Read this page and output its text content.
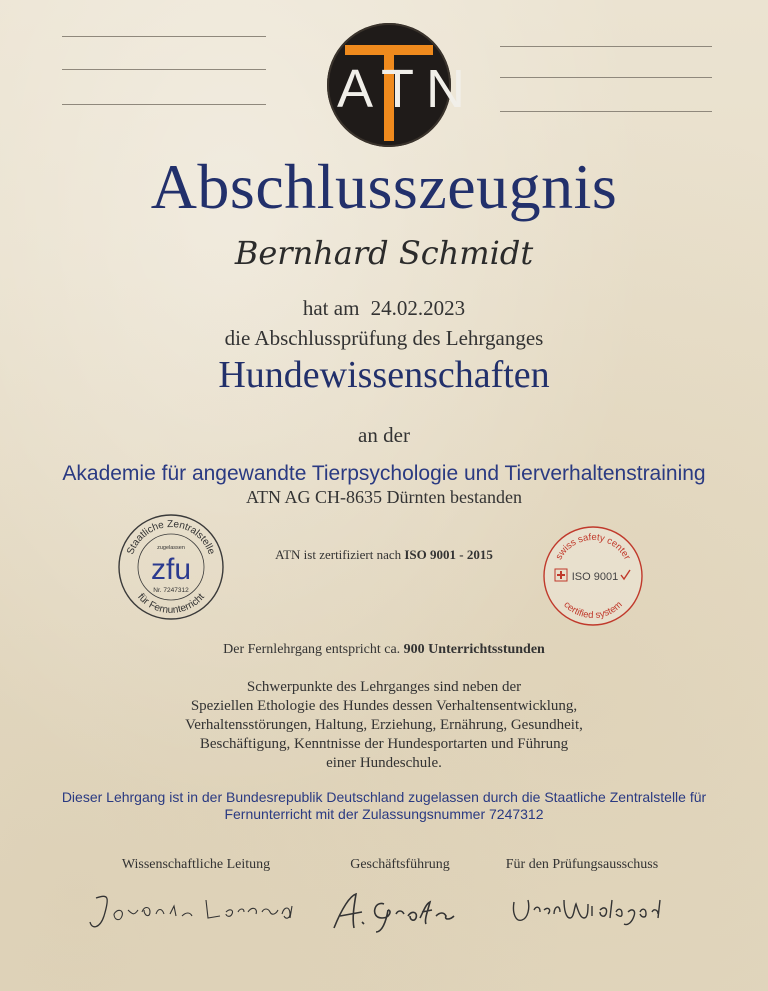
ATN
Abschlusszeugnis
Bernhard Schmidt
hat am 24.02.2023
die Abschlussprüfung des Lehrganges
Hundewissenschaften
an der
Akademie für angewandte Tierpsychologie und Tierverhaltenstraining
ATN AG CH-8635 Dürnten bestanden
Staatliche Zentralstelle
zugelassen
zfu
Nr. 7247312
für Fernunterricht
ATN ist zertifiziert nach ISO 9001 - 2015	swiss safety center
ISO 9001
certified system
Der Fernlehrgang entspricht ca. 900 Unterrichtsstunden
Schwerpunkte des Lehrganges sind neben der
Speziellen Ethologie des Hundes dessen Verhaltensentwicklung,
Verhaltensstörungen, Haltung, Erziehung, Ernährung, Gesundheit,
Beschäftigung, Kenntnisse der Hundesportarten und Führung
einer Hundeschule.
Dieser Lehrgang ist in der Bundesrepublik Deutschland zugelassen durch die Staatliche Zentralstelle für
Fernunterricht mit der Zulassungsnummer 7247312
Wissenschaftliche Leitung	Geschäftsführung	Für den Prüfungsausschuss
